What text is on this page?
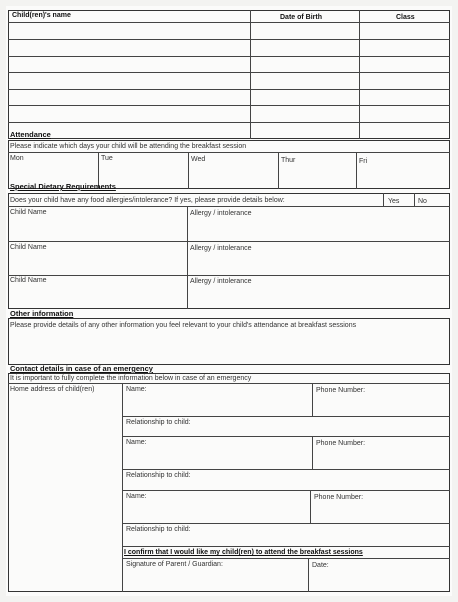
Child(ren)'s name	Date of Birth	Class
Attendance
Please indicate which days your child will be attending the breakfast session
Mon	Tue	Wed	Thur	Fri
Special Dietary Requirements
Does your child have any food allergies/intolerance? If yes, please provide details below:	Yes	No
Child Name	Allergy / intolerance
Child Name	Allergy / intolerance
Child Name	Allergy / intolerance
Other information
Please provide details of any other information you feel relevant to your child's attendance at breakfast sessions
Contact details in case of an emergency
It is important to fully complete the information below in case of an emergency
Home address of child(ren)	Name:	Phone Number:
Relationship to child:
Name:	Phone Number:
Relationship to child:
Name:	Phone Number:
Relationship to child:
I confirm that I would like my child(ren) to attend the breakfast sessions
Signature of Parent / Guardian:	Date:
